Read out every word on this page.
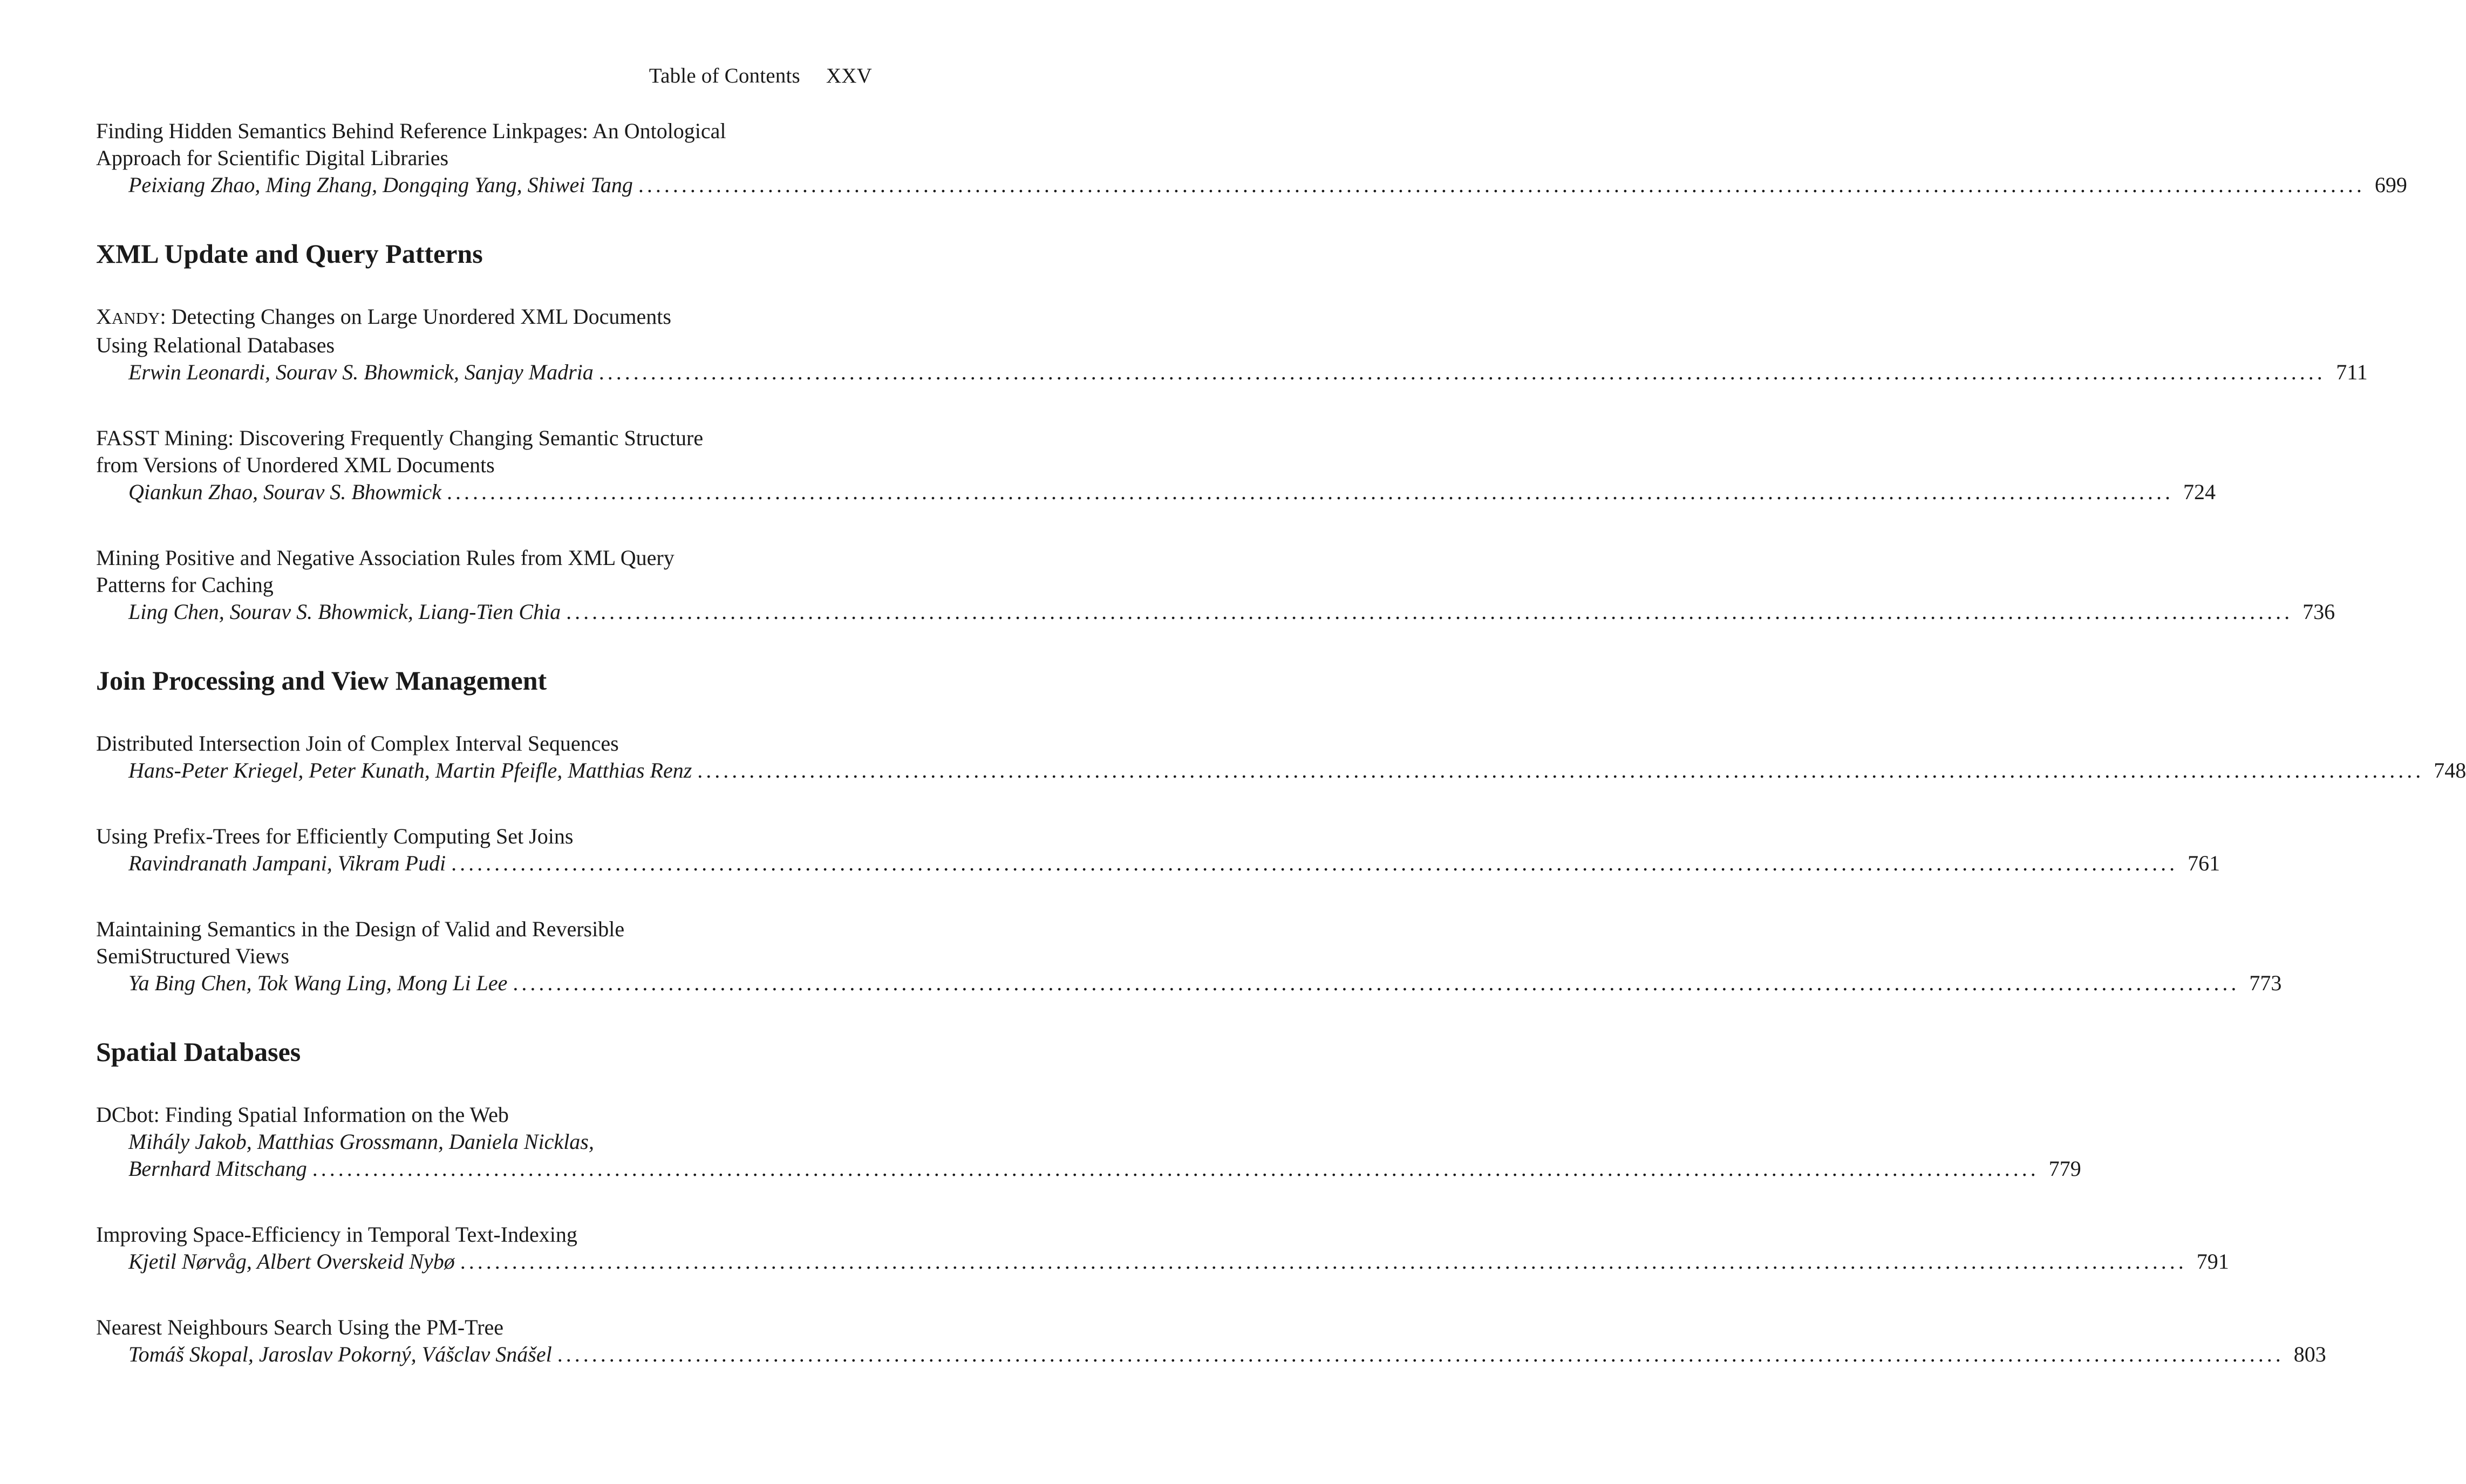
Table of Contents XXV
Finding Hidden Semantics Behind Reference Linkpages: An Ontological
Approach for Scientific Digital Libraries
Peixiang Zhao, Ming Zhang, Dongqing Yang, Shiwei Tang ........................................................................................................................................................................................................ 699
XML Update and Query Patterns
XANDY: Detecting Changes on Large Unordered XML Documents
Using Relational Databases
Erwin Leonardi, Sourav S. Bhowmick, Sanjay Madria ........................................................................................................................................................................................................ 711
FASST Mining: Discovering Frequently Changing Semantic Structure
from Versions of Unordered XML Documents
Qiankun Zhao, Sourav S. Bhowmick ........................................................................................................................................................................................................ 724
Mining Positive and Negative Association Rules from XML Query
Patterns for Caching
Ling Chen, Sourav S. Bhowmick, Liang-Tien Chia ........................................................................................................................................................................................................ 736
Join Processing and View Management
Distributed Intersection Join of Complex Interval Sequences
Hans-Peter Kriegel, Peter Kunath, Martin Pfeifle, Matthias Renz ........................................................................................................................................................................................................ 748
Using Prefix-Trees for Efficiently Computing Set Joins
Ravindranath Jampani, Vikram Pudi ........................................................................................................................................................................................................ 761
Maintaining Semantics in the Design of Valid and Reversible
SemiStructured Views
Ya Bing Chen, Tok Wang Ling, Mong Li Lee ........................................................................................................................................................................................................ 773
Spatial Databases
DCbot: Finding Spatial Information on the Web
Mihály Jakob, Matthias Grossmann, Daniela Nicklas,
Bernhard Mitschang ........................................................................................................................................................................................................ 779
Improving Space-Efficiency in Temporal Text-Indexing
Kjetil Nørvåg, Albert Overskeid Nybø ........................................................................................................................................................................................................ 791
Nearest Neighbours Search Using the PM-Tree
Tomáš Skopal, Jaroslav Pokorný, Vášclav Snášel ........................................................................................................................................................................................................ 803
